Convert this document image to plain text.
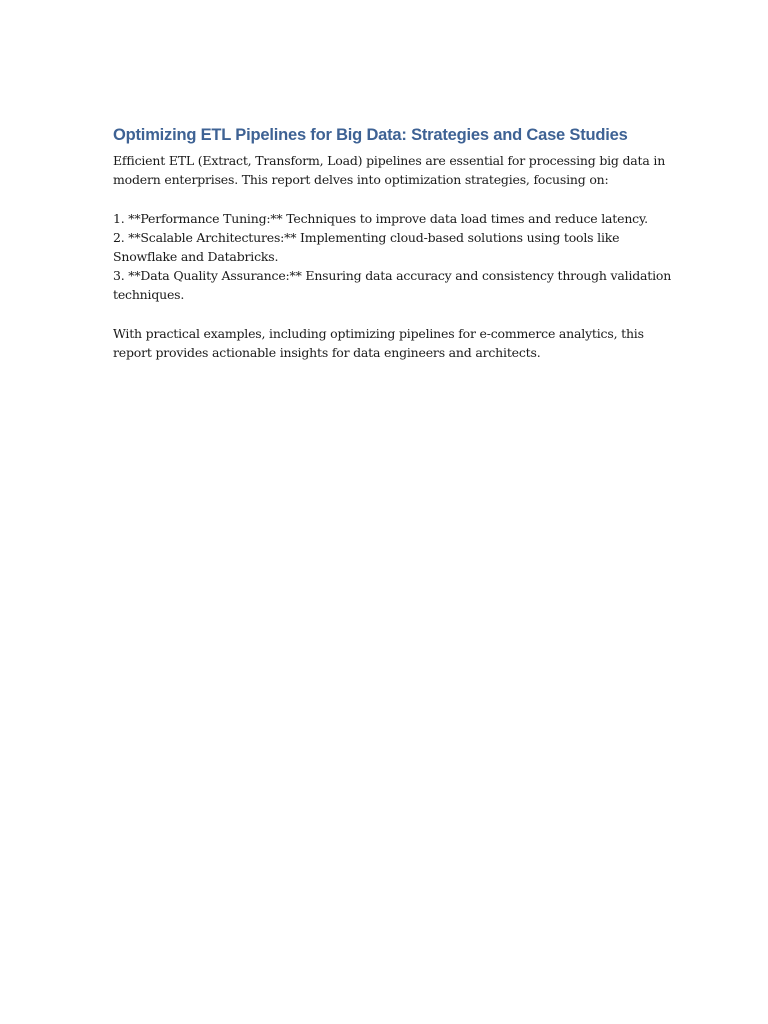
Optimizing ETL Pipelines for Big Data: Strategies and Case Studies

Efficient ETL (Extract, Transform, Load) pipelines are essential for processing big data in
modern enterprises. This report delves into optimization strategies, focusing on:

1. **Performance Tuning:** Techniques to improve data load times and reduce latency.
2. **Scalable Architectures:** Implementing cloud-based solutions using tools like
Snowflake and Databricks.
3. **Data Quality Assurance:** Ensuring data accuracy and consistency through validation
techniques.

With practical examples, including optimizing pipelines for e-commerce analytics, this
report provides actionable insights for data engineers and architects.
